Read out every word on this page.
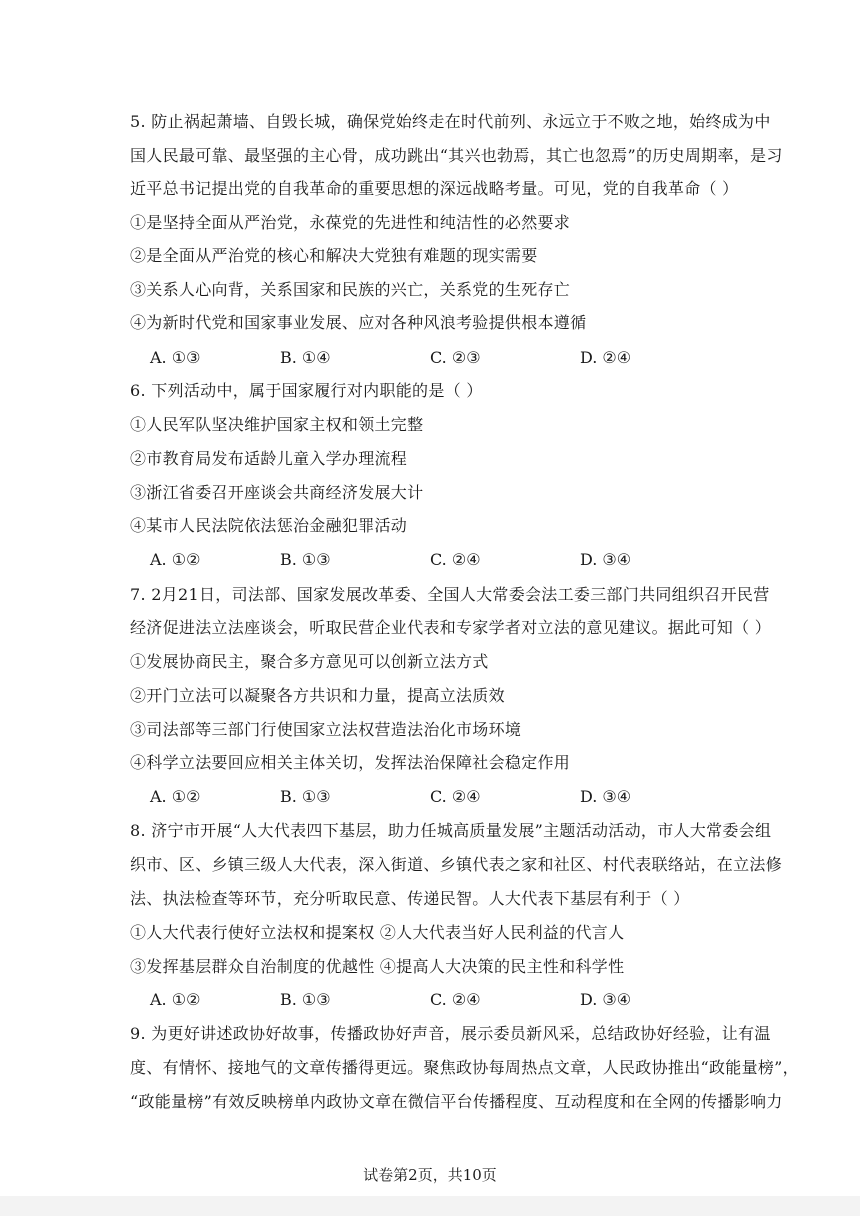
5. 防止祸起萧墙、自毁长城，确保党始终走在时代前列、永远立于不败之地，始终成为中
国人民最可靠、最坚强的主心骨，成功跳出“其兴也勃焉，其亡也忽焉”的历史周期率，是习
近平总书记提出党的自我革命的重要思想的深远战略考量。可见，党的自我革命（ ）
①是坚持全面从严治党，永葆党的先进性和纯洁性的必然要求
②是全面从严治党的核心和解决大党独有难题的现实需要
③关系人心向背，关系国家和民族的兴亡，关系党的生死存亡
④为新时代党和国家事业发展、应对各种风浪考验提供根本遵循
A. ①③	B. ①④	C. ②③	D. ②④
6. 下列活动中，属于国家履行对内职能的是（ ）
①人民军队坚决维护国家主权和领土完整
②市教育局发布适龄儿童入学办理流程
③浙江省委召开座谈会共商经济发展大计
④某市人民法院依法惩治金融犯罪活动
A. ①②	B. ①③	C. ②④	D. ③④
7. 2月21日，司法部、国家发展改革委、全国人大常委会法工委三部门共同组织召开民营
经济促进法立法座谈会，听取民营企业代表和专家学者对立法的意见建议。据此可知（ ）
①发展协商民主，聚合多方意见可以创新立法方式
②开门立法可以凝聚各方共识和力量，提高立法质效
③司法部等三部门行使国家立法权营造法治化市场环境
④科学立法要回应相关主体关切，发挥法治保障社会稳定作用
A. ①②	B. ①③	C. ②④	D. ③④
8. 济宁市开展“人大代表四下基层，助力任城高质量发展”主题活动活动，市人大常委会组
织市、区、乡镇三级人大代表，深入街道、乡镇代表之家和社区、村代表联络站，在立法修
法、执法检查等环节，充分听取民意、传递民智。人大代表下基层有利于（ ）
①人大代表行使好立法权和提案权 ②人大代表当好人民利益的代言人
③发挥基层群众自治制度的优越性 ④提高人大决策的民主性和科学性
A. ①②	B. ①③	C. ②④	D. ③④
9. 为更好讲述政协好故事，传播政协好声音，展示委员新风采，总结政协好经验，让有温
度、有情怀、接地气的文章传播得更远。聚焦政协每周热点文章，人民政协推出“政能量榜”，
“政能量榜”有效反映榜单内政协文章在微信平台传播程度、互动程度和在全网的传播影响力
试卷第2页，共10页
